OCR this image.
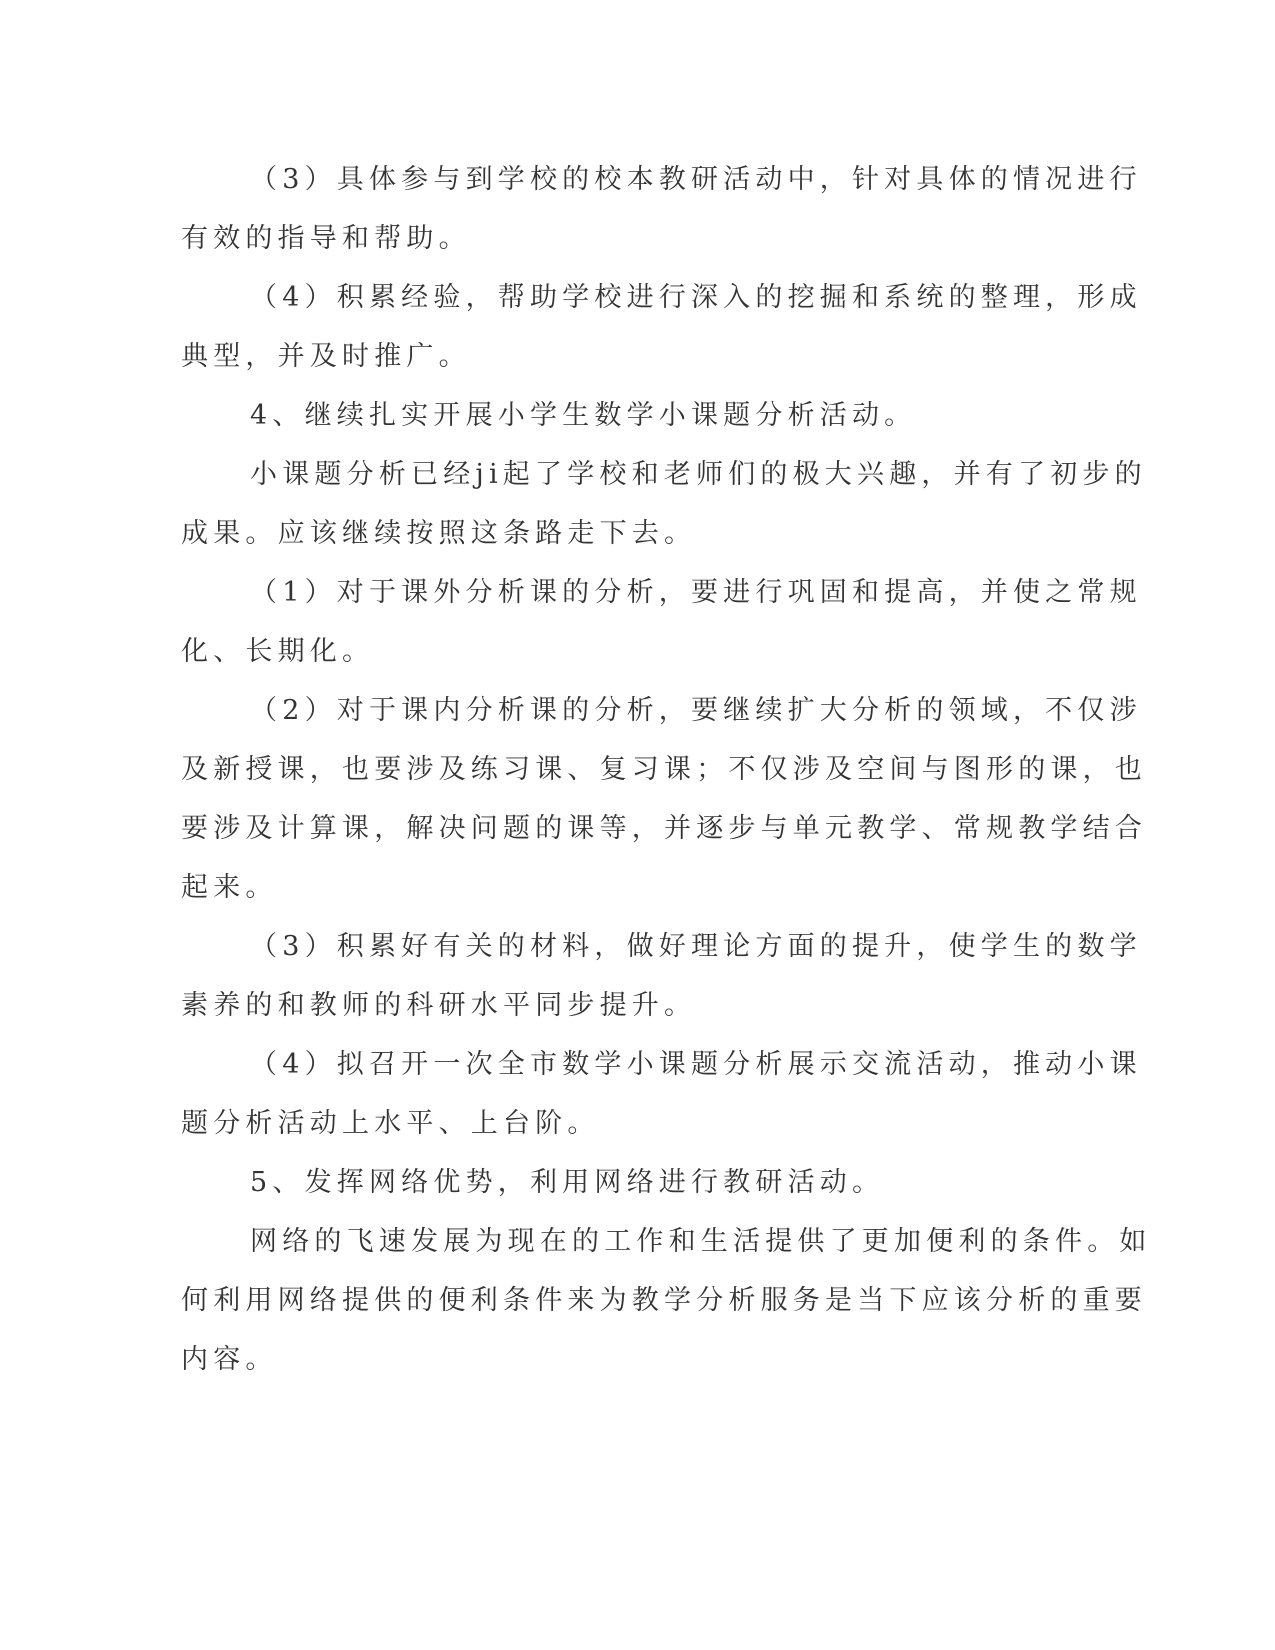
（3）具体参与到学校的校本教研活动中，针对具体的情况进行
有效的指导和帮助。
（4）积累经验，帮助学校进行深入的挖掘和系统的整理，形成
典型，并及时推广。
4、继续扎实开展小学生数学小课题分析活动。
小课题分析已经ji起了学校和老师们的极大兴趣，并有了初步的
成果。应该继续按照这条路走下去。
（1）对于课外分析课的分析，要进行巩固和提高，并使之常规
化、长期化。
（2）对于课内分析课的分析，要继续扩大分析的领域，不仅涉
及新授课，也要涉及练习课、复习课；不仅涉及空间与图形的课，也
要涉及计算课，解决问题的课等，并逐步与单元教学、常规教学结合
起来。
（3）积累好有关的材料，做好理论方面的提升，使学生的数学
素养的和教师的科研水平同步提升。
（4）拟召开一次全市数学小课题分析展示交流活动，推动小课
题分析活动上水平、上台阶。
5、发挥网络优势，利用网络进行教研活动。
网络的飞速发展为现在的工作和生活提供了更加便利的条件。如
何利用网络提供的便利条件来为教学分析服务是当下应该分析的重要
内容。
